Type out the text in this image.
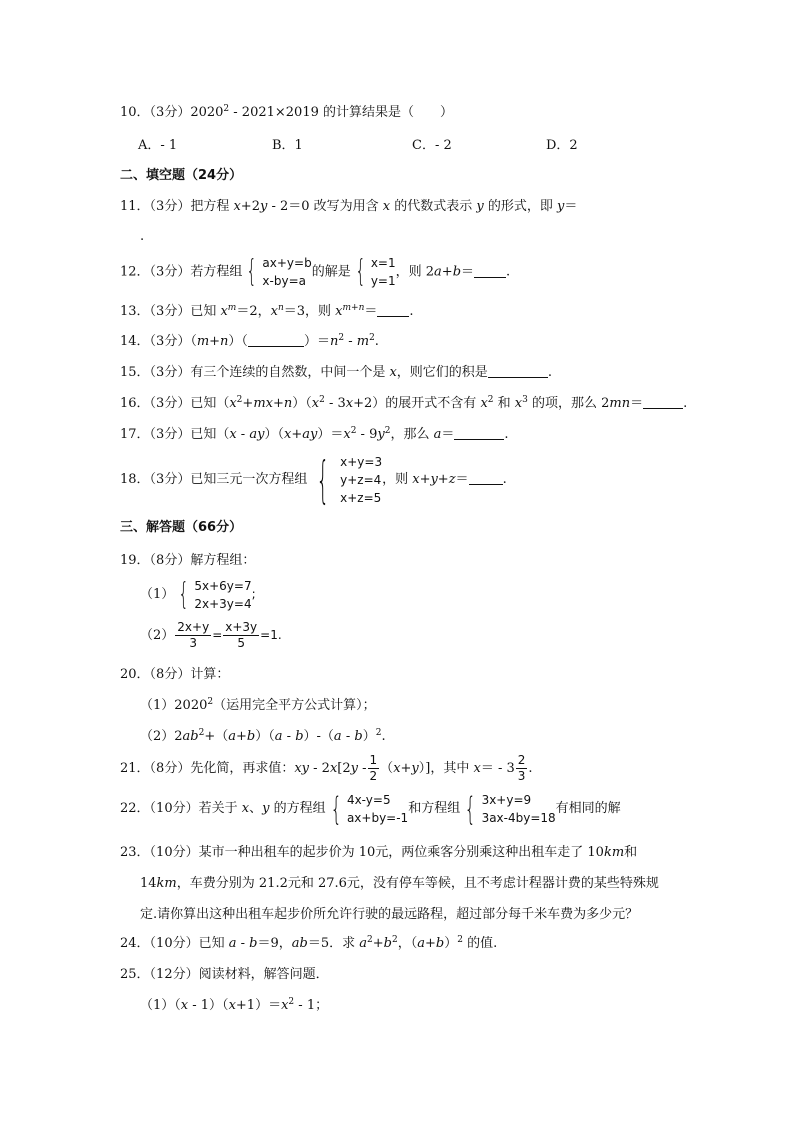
10．（3分）2020$^2$ - 2021×2019 的计算结果是（　　）
A．- 1	B．1	C．- 2	D．2
二、填空题（24分）
11．（3分）把方程 x+2y - 2＝0 改写为用含 x 的代数式表示 y 的形式，即 y＝
.
12．（3分）若方程组 { ax+y=b
x-by=a
的解是 { x=1
y=1
，则 2a+b＝ .
13．（3分）已知 $x^m=2$，$x^n=3$，则 $x^{m+n}=$ .
14．（3分）（m+n）（	）$=n^2 - m^2$.
15．（3分）有三个连续的自然数，中间一个是 x，则它们的积是	.
16．（3分）已知$(x^2+mx+n)(x^2 - 3x+2)$的展开式不含有 $x^2$ 和 $x^3$ 的项，那么 2mn＝	.
17．（3分）已知$(x - ay)(x+ay)=x^2 - 9y^2$，那么 a＝	.
18．（3分）已知三元一次方程组 { x+y=3
y+z=4
x+z=5
，则 x+y+z＝	.
三、解答题（66分）
19．（8分）解方程组：
（1） { 5x+6y=7
2x+3y=4
;
$(2) \frac{2x+y}{3} = \frac{x+3y}{5} =1$.
20．（8分）计算：
（1）2020$^2$（运用完全平方公式计算）；
$(2)2ab^2+(a+b)(a - b)-(a - b)^2$.
21．（8分）先化简，再求值：xy - $2x[2y - \frac{1}{2} (x+y)]$，其中 $x= - 3 \frac{2}{3}$ .
22．（10分）若关于 x、y 的方程组 { 4x-y=5
ax+by=-1
和方程组 { 3x+y=9
3ax-4by=18
有相同的解
23．（10分）某市一种出租车的起步价为 10元，两位乘客分别乘这种出租车走了 10km和
14km，车费分别为 21.2元和 27.6元，没有停车等候，且不考虑计程器计费的某些特殊规
定.请你算出这种出租车起步价所允许行驶的最远路程，超过部分每千米车费为多少元？
24．（10分）已知 a - b＝9，ab＝5．求 $a^2+b^2$，$(a+b)^2$ 的值.
25．（12分）阅读材料，解答问题．
$(1)(x - 1)(x+1)=x^2 - 1$；
